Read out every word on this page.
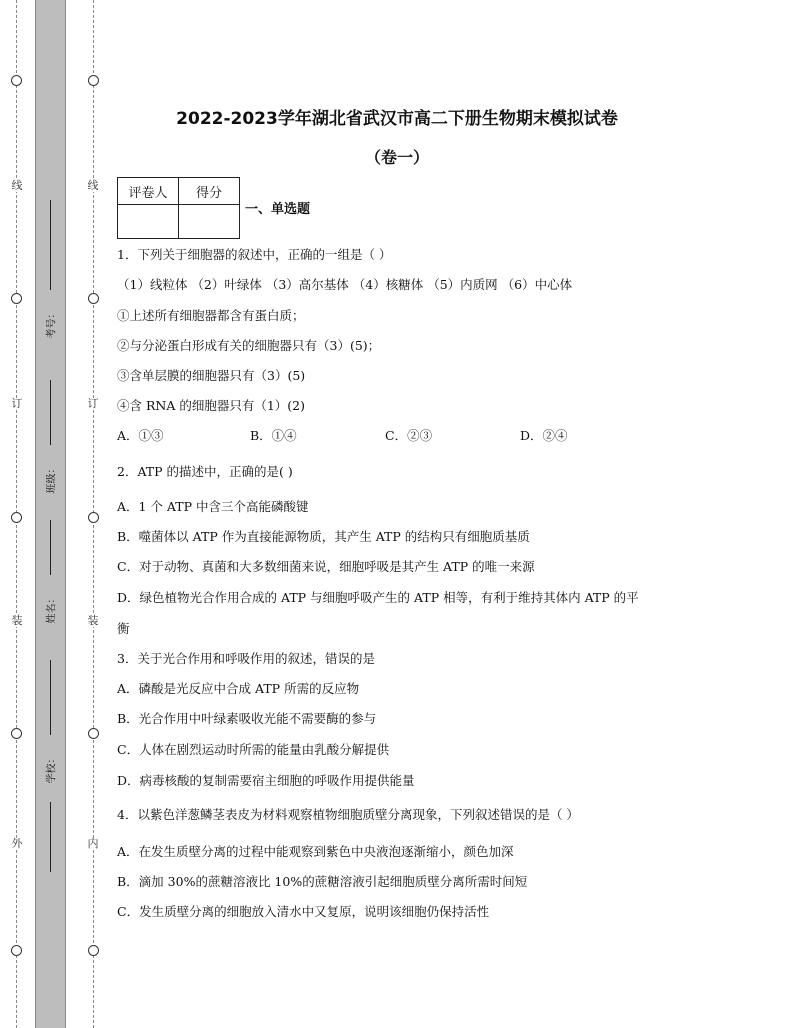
线
订
装
外
线
订
装
内
考号：
班级：
姓名：
学校：
2022-2023学年湖北省武汉市高二下册生物期末模拟试卷
（卷一）
评卷人	得分

一、单选题
1．下列关于细胞器的叙述中，正确的一组是（ ）
（1）线粒体 （2）叶绿体 （3）高尔基体 （4）核糖体 （5）内质网 （6）中心体
①上述所有细胞器都含有蛋白质；
②与分泌蛋白形成有关的细胞器只有（3）(5)；
③含单层膜的细胞器只有（3）(5)
④含 RNA 的细胞器只有（1）(2)
A．①③	B．①④	C．②③	D．②④
2．ATP 的描述中，正确的是( )
A．1 个 ATP 中含三个高能磷酸键
B．噬菌体以 ATP 作为直接能源物质，其产生 ATP 的结构只有细胞质基质
C．对于动物、真菌和大多数细菌来说，细胞呼吸是其产生 ATP 的唯一来源
D．绿色植物光合作用合成的 ATP 与细胞呼吸产生的 ATP 相等，有利于维持其体内 ATP 的平
衡
3．关于光合作用和呼吸作用的叙述，错误的是
A．磷酸是光反应中合成 ATP 所需的反应物
B．光合作用中叶绿素吸收光能不需要酶的参与
C．人体在剧烈运动时所需的能量由乳酸分解提供
D．病毒核酸的复制需要宿主细胞的呼吸作用提供能量
4．以紫色洋葱鳞茎表皮为材料观察植物细胞质壁分离现象，下列叙述错误的是（ ）
A．在发生质壁分离的过程中能观察到紫色中央液泡逐渐缩小，颜色加深
B．滴加 30%的蔗糖溶液比 10%的蔗糖溶液引起细胞质壁分离所需时间短
C．发生质壁分离的细胞放入清水中又复原，说明该细胞仍保持活性
